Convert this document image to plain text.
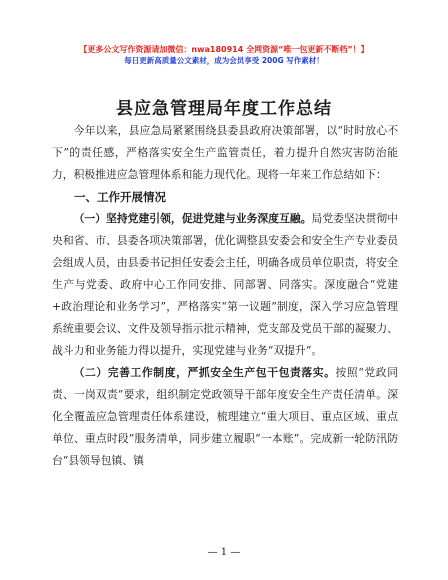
【更多公文写作资源请加微信：nwa180914 全网资源“唯一包更新不断档”！】
每日更新高质量公文素材，成为会员享受 200G 写作素材！
县应急管理局年度工作总结

今年以来，县应急局紧紧围绕县委县政府决策部署，以“时时放心不下”的责任感，严格落实安全生产监管责任，着力提升自然灾害防治能力，积极推进应急管理体系和能力现代化。现将一年来工作总结如下：

一、工作开展情况

（一）坚持党建引领，促进党建与业务深度互融。局党委坚决贯彻中央和省、市、县委各项决策部署，优化调整县安委会和安全生产专业委员会组成人员，由县委书记担任安委会主任，明确各成员单位职责，将安全生产与党委、政府中心工作同安排、同部署、同落实。深度融合“党建+政治理论和业务学习”，严格落实“第一议题”制度，深入学习应急管理系统重要会议、文件及领导指示批示精神，党支部及党员干部的凝聚力、战斗力和业务能力得以提升，实现党建与业务“双提升”。

（二）完善工作制度，严抓安全生产包干包责落实。按照“党政同责、一岗双责”要求，组织制定党政领导干部年度安全生产责任清单。深化全覆盖应急管理责任体系建设，梳理建立“重大项目、重点区域、重点单位、重点时段”服务清单，同步建立履职“一本账”。完成新一轮防汛防台“县领导包镇、镇

— 1 —
